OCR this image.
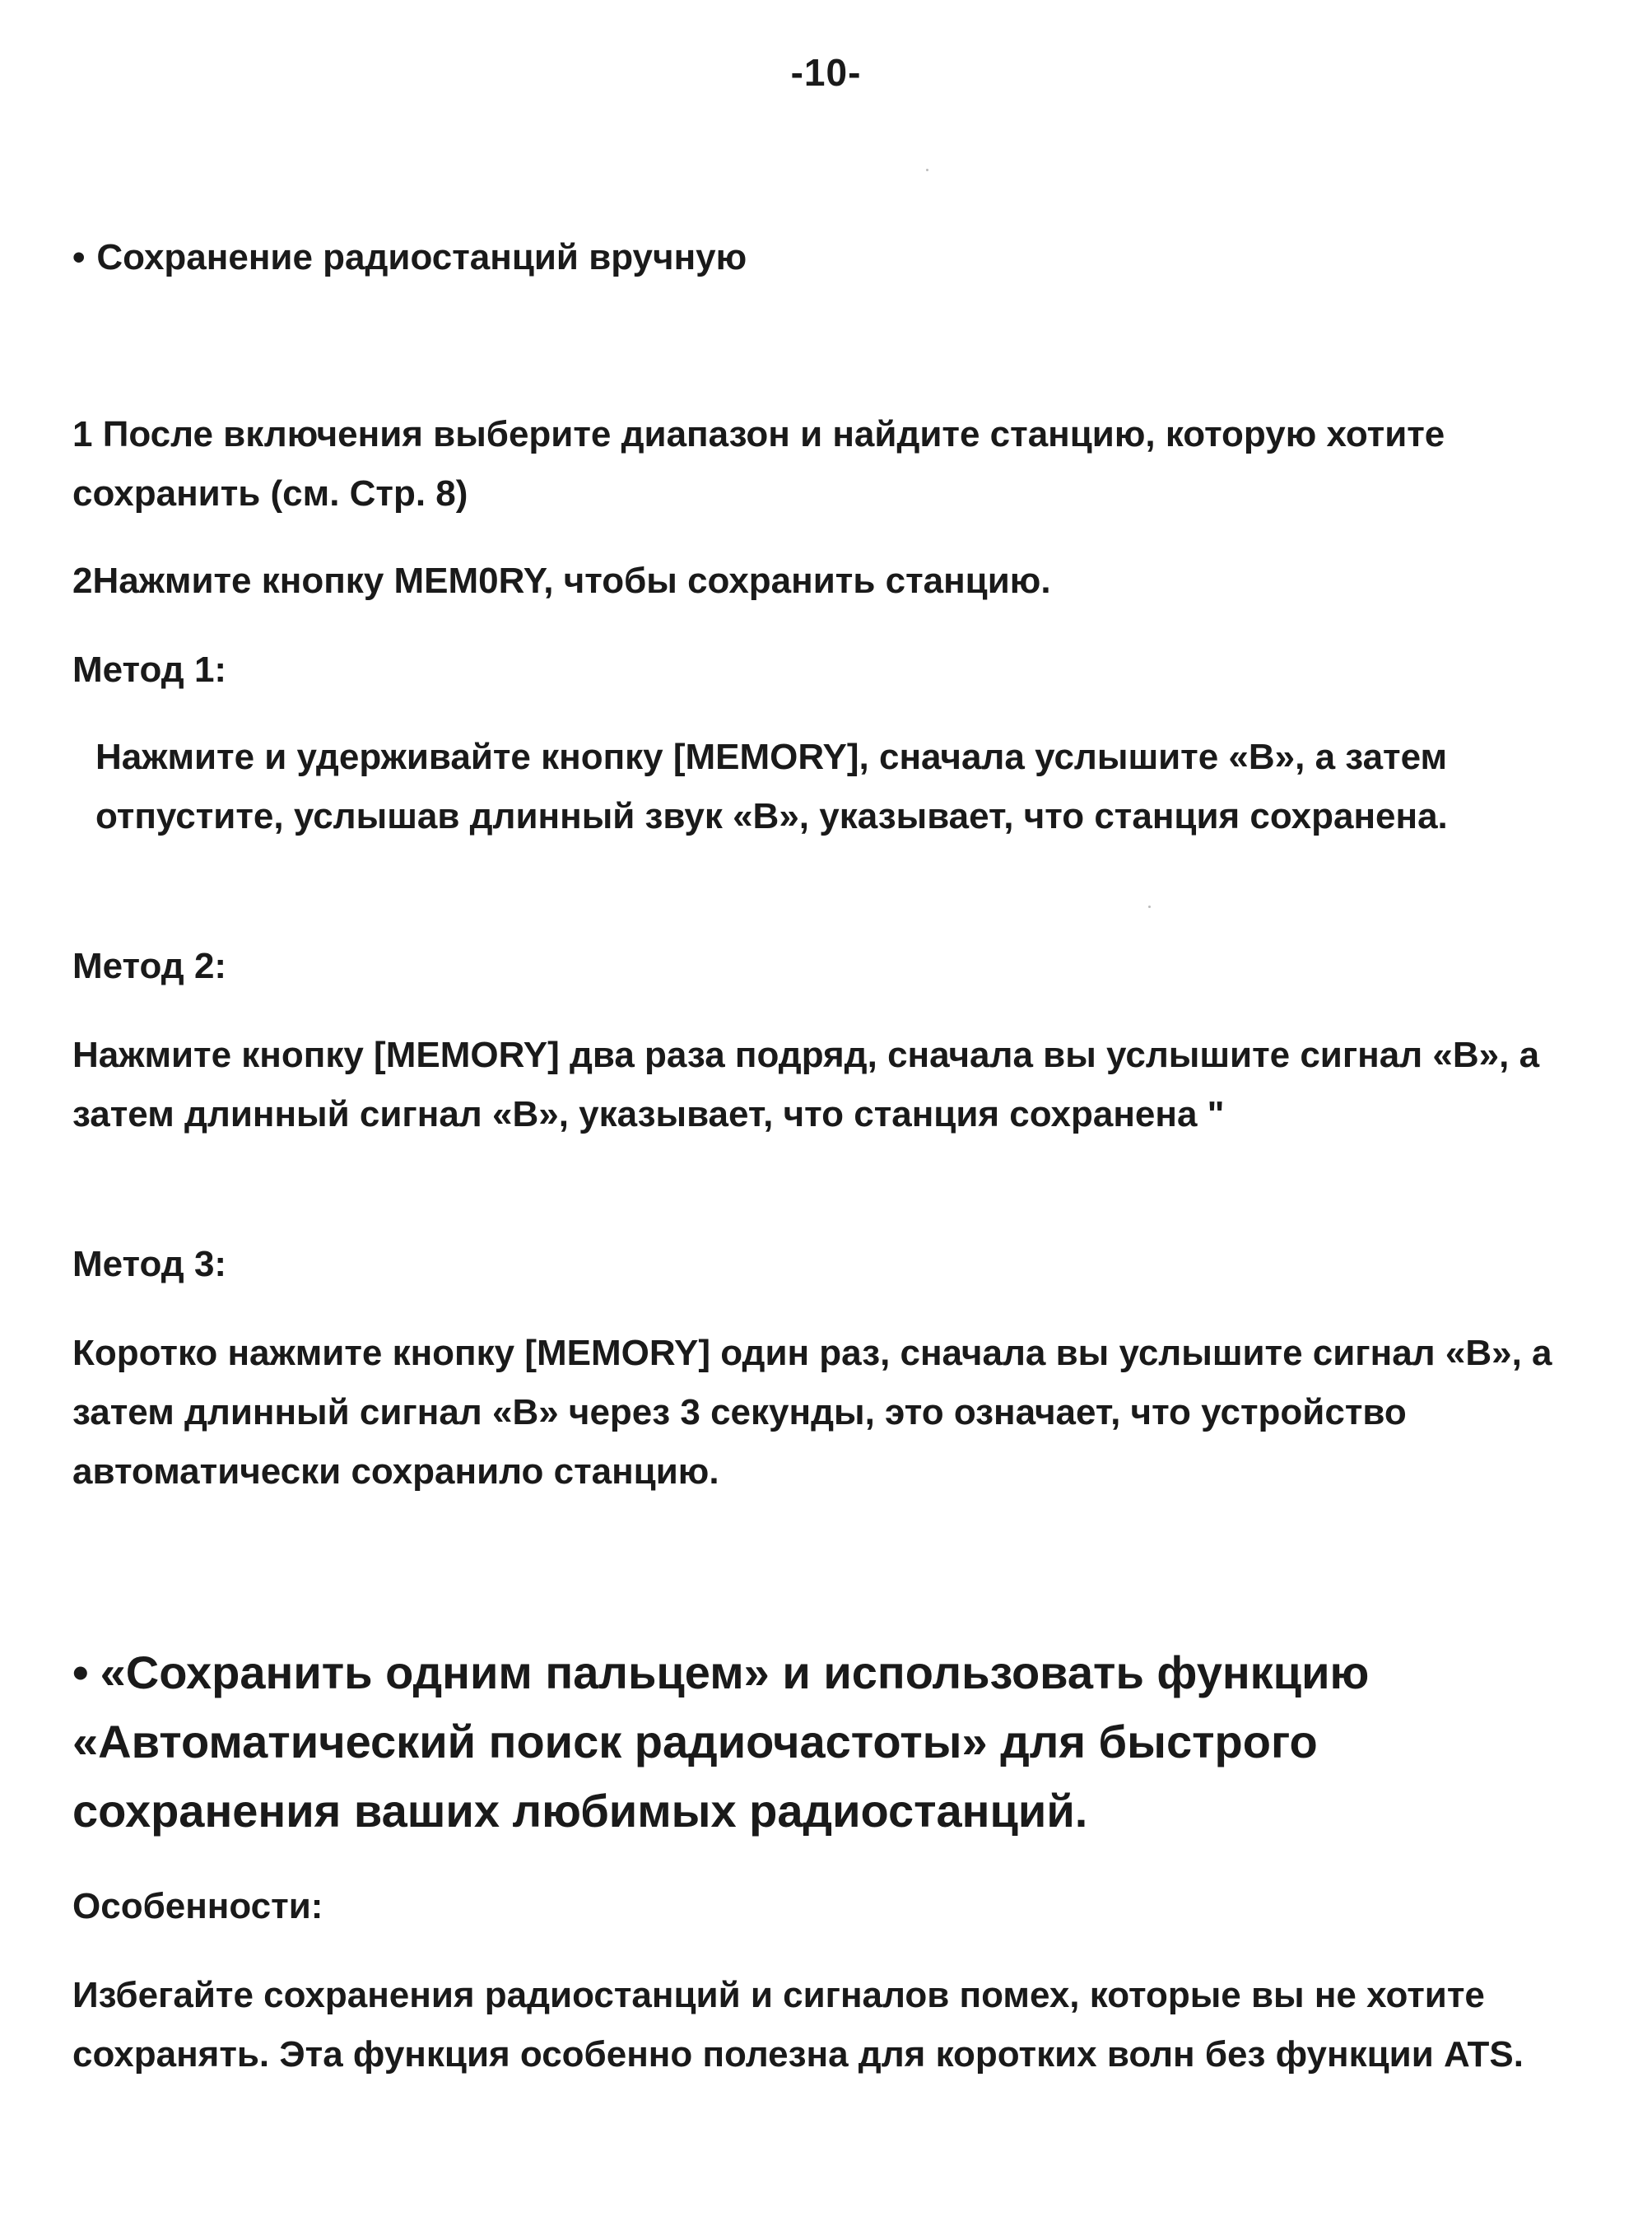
-10-
• Сохранение радиостанций вручную
1 После включения выберите диапазон и найдите станцию, которую хотите сохранить (см. Стр. 8)
2Нажмите кнопку MEM0RY, чтобы сохранить станцию.
Метод 1:
Нажмите и удерживайте кнопку [MEMORY], сначала услышите «B», а затем отпустите, услышав длинный звук «B», указывает, что станция сохранена.
Метод 2:
Нажмите кнопку [MEMORY] два раза подряд, сначала вы услышите сигнал «B», а затем длинный сигнал «B», указывает, что станция сохранена "
Метод 3:
Коротко нажмите кнопку [MEMORY] один раз, сначала вы услышите сигнал «B», а затем длинный сигнал «B» через 3 секунды, это означает, что устройство автоматически сохранило станцию.
• «Сохранить одним пальцем» и использовать функцию «Автоматический поиск радиочастоты» для быстрого сохранения ваших любимых радиостанций.
Особенности:
Избегайте сохранения радиостанций и сигналов помех, которые вы не хотите сохранять. Эта функция особенно полезна для коротких волн без функции ATS.
